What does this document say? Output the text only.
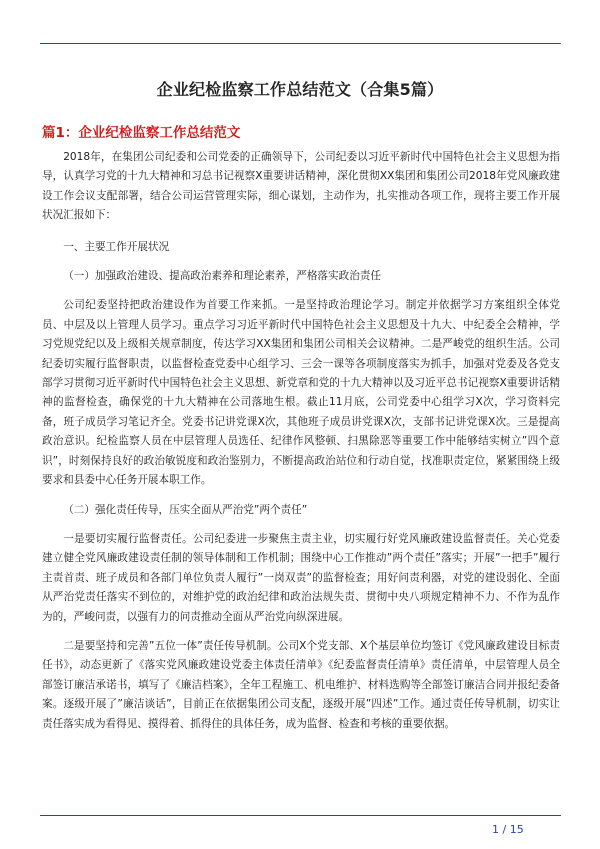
企业纪检监察工作总结范文（合集5篇）
篇1：企业纪检监察工作总结范文

2018年，在集团公司纪委和公司党委的正确领导下，公司纪委以习近平新时代中国特色社会主义思想为指导，认真学习党的十九大精神和习总书记视察X重要讲话精神，深化贯彻XX集团和集团公司2018年党风廉政建设工作会议支配部署，结合公司运营管理实际，细心谋划，主动作为，扎实推动各项工作，现将主要工作开展状况汇报如下：

一、主要工作开展状况

（一）加强政治建设、提高政治素养和理论素养，严格落实政治责任

公司纪委坚持把政治建设作为首要工作来抓。一是坚持政治理论学习。制定并依据学习方案组织全体党员、中层及以上管理人员学习。重点学习习近平新时代中国特色社会主义思想及十九大、中纪委全会精神，学习党规党纪以及上级相关规章制度，传达学习XX集团和集团公司相关会议精神。二是严峻党的组织生活。公司纪委切实履行监督职责，以监督检查党委中心组学习、三会一课等各项制度落实为抓手，加强对党委及各党支部学习贯彻习近平新时代中国特色社会主义思想、新党章和党的十九大精神以及习近平总书记视察X重要讲话精神的监督检查，确保党的十九大精神在公司落地生根。截止11月底，公司党委中心组学习X次，学习资料完备，班子成员学习笔记齐全。党委书记讲党课X次，其他班子成员讲党课X次，支部书记讲党课X次。三是提高政治意识。纪检监察人员在中层管理人员选任、纪律作风整顿、扫黑除恶等重要工作中能够结实树立”四个意识”，时刻保持良好的政治敏锐度和政治鉴别力，不断提高政治站位和行动自觉，找准职责定位，紧紧围绕上级要求和县委中心任务开展本职工作。

（二）强化责任传导，压实全面从严治党”两个责任”

一是要切实履行监督责任。公司纪委进一步聚焦主责主业，切实履行好党风廉政建设监督责任。关心党委建立健全党风廉政建设责任制的领导体制和工作机制；围绕中心工作推动”两个责任”落实；开展”一把手”履行主责首责、班子成员和各部门单位负责人履行”一岗双责”的监督检查；用好问责利器，对党的建设弱化、全面从严治党责任落实不到位的，对维护党的政治纪律和政治法规失责、贯彻中央八项规定精神不力、不作为乱作为的，严峻问责，以强有力的问责推动全面从严治党向纵深进展。

二是要坚持和完善”五位一体”责任传导机制。公司X个党支部、X个基层单位均签订《党风廉政建设目标责任书》，动态更新了《落实党风廉政建设党委主体责任清单》《纪委监督责任清单》责任清单，中层管理人员全部签订廉洁承诺书，填写了《廉洁档案》，全年工程施工、机电维护、材料选购等全部签订廉洁合同并报纪委备案。逐级开展了”廉洁谈话”，目前正在依据集团公司支配，逐级开展”四述”工作。通过责任传导机制，切实让责任落实成为看得见、摸得着、抓得住的具体任务，成为监督、检查和考核的重要依据。

1 / 15
